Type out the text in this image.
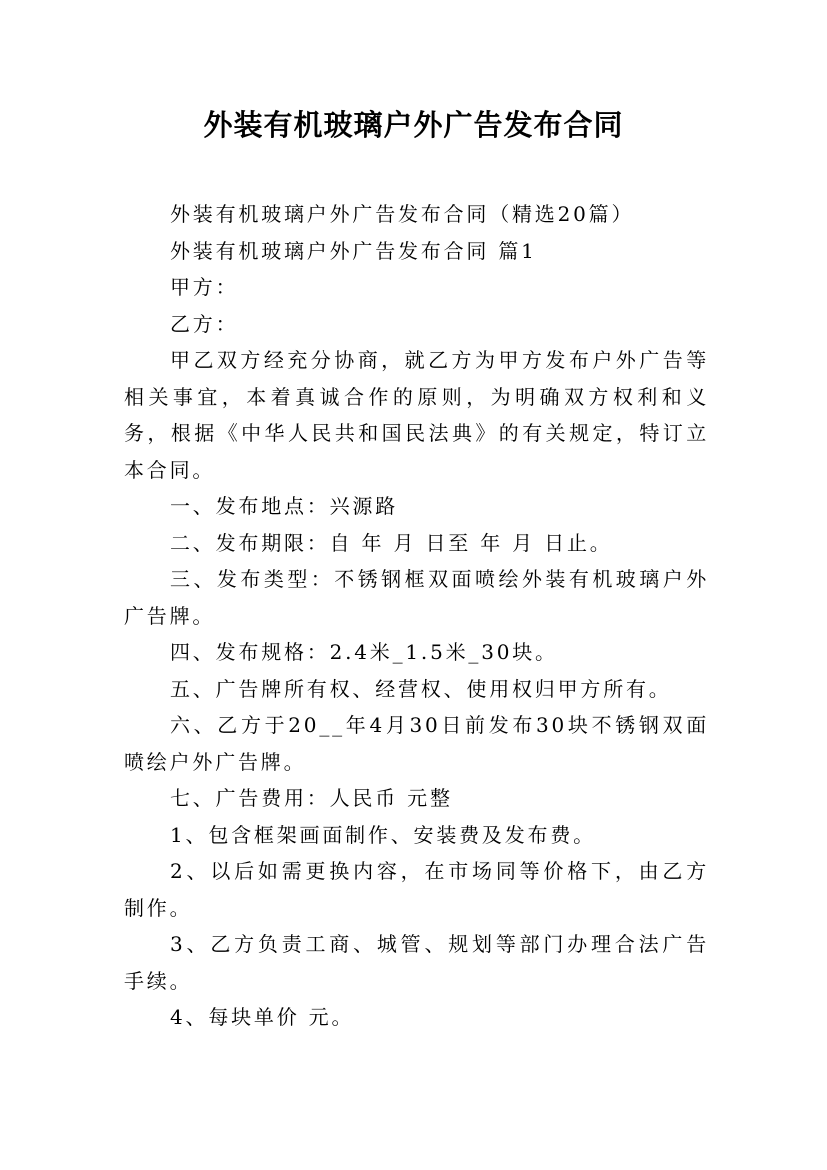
外装有机玻璃户外广告发布合同

外装有机玻璃户外广告发布合同（精选20篇）

外装有机玻璃户外广告发布合同 篇1

甲方：

乙方：

甲乙双方经充分协商，就乙方为甲方发布户外广告等相关事宜，本着真诚合作的原则，为明确双方权利和义务，根据《中华人民共和国民法典》的有关规定，特订立本合同。

一、发布地点：兴源路

二、发布期限：自 年 月 日至 年 月 日止。

三、发布类型：不锈钢框双面喷绘外装有机玻璃户外广告牌。

四、发布规格：2.4米_1.5米_30块。

五、广告牌所有权、经营权、使用权归甲方所有。

六、乙方于20__年4月30日前发布30块不锈钢双面喷绘户外广告牌。

七、广告费用：人民币 元整

1、包含框架画面制作、安装费及发布费。

2、以后如需更换内容，在市场同等价格下，由乙方制作。

3、乙方负责工商、城管、规划等部门办理合法广告手续。

4、每块单价 元。
